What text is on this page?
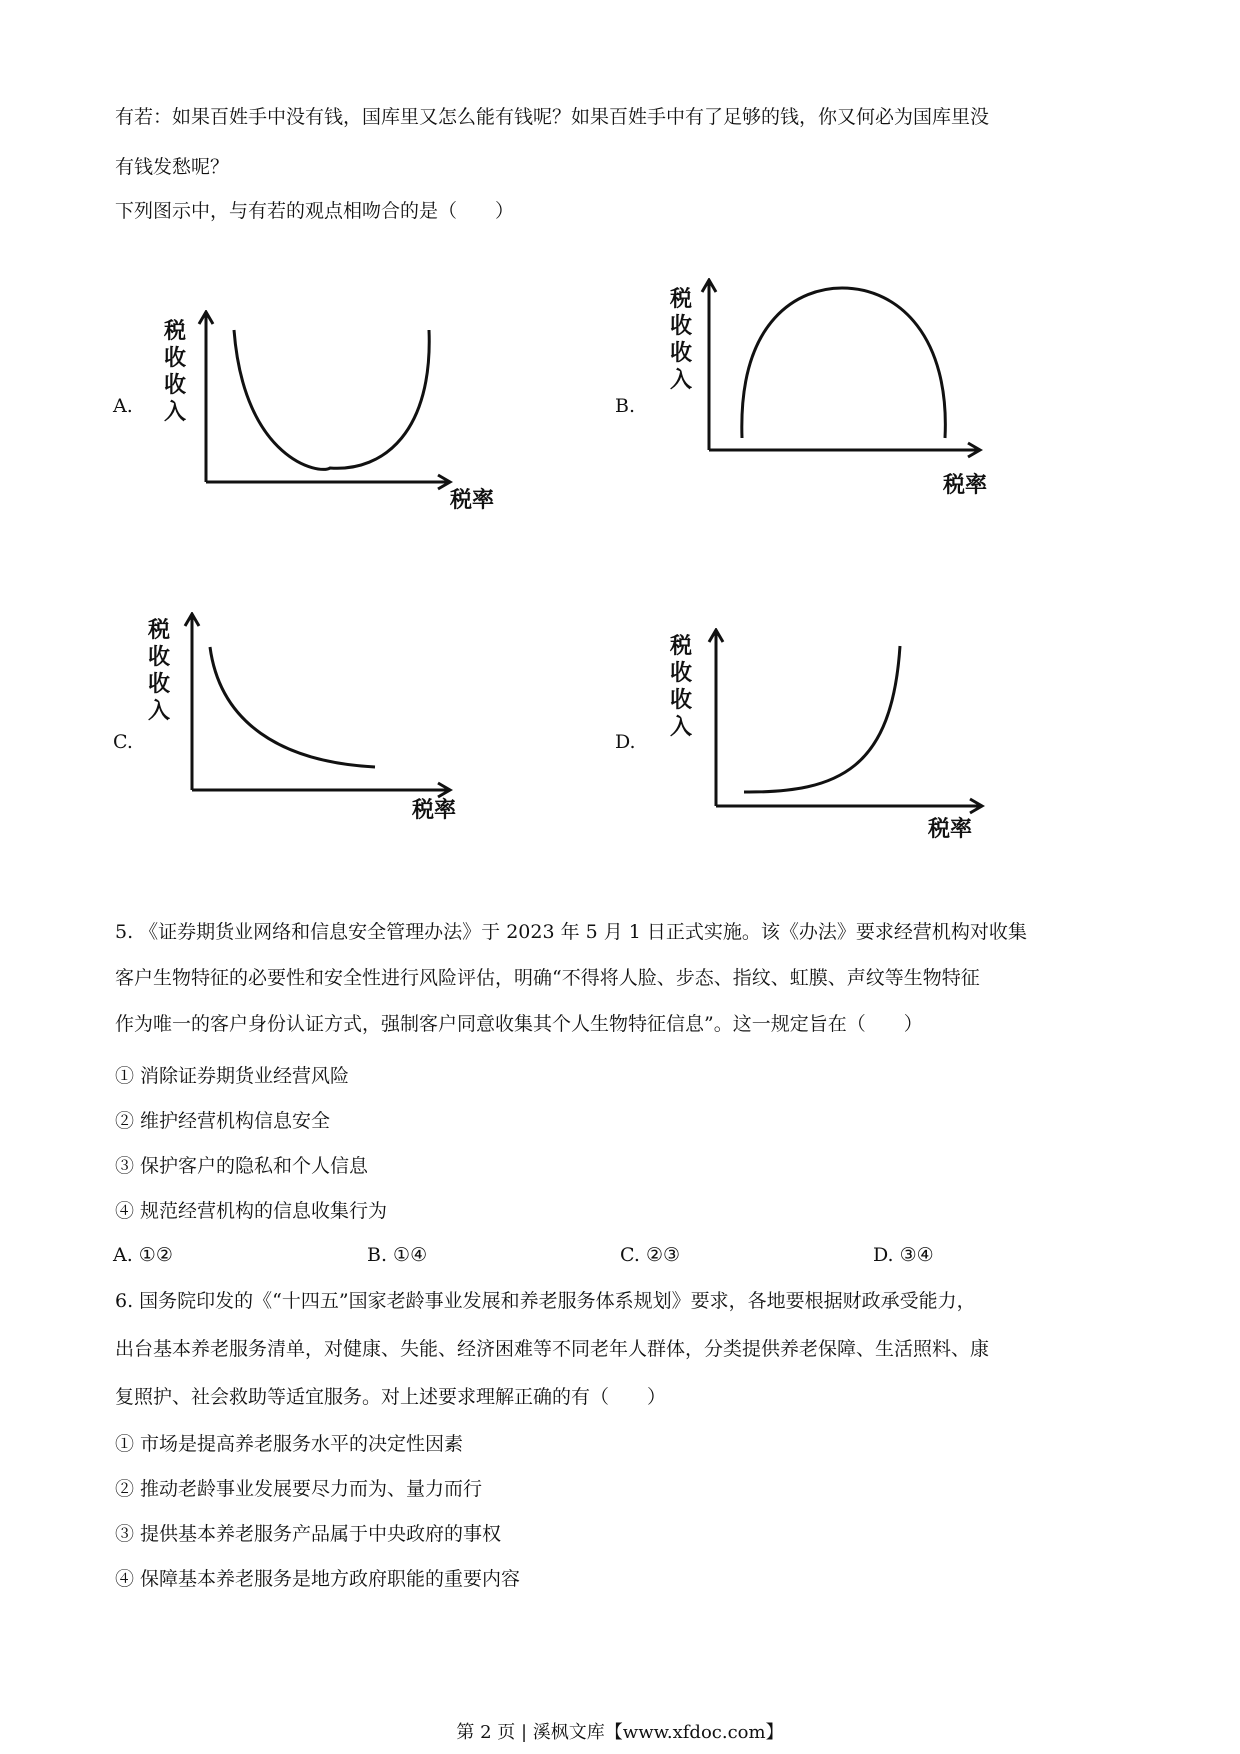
有若：如果百姓手中没有钱，国库里又怎么能有钱呢？如果百姓手中有了足够的钱，你又何必为国库里没
有钱发愁呢？
下列图示中，与有若的观点相吻合的是（　　）
A.
税
收
收
入
税率
B.
税
收
收
入
税率
C.
税
收
收
入
税率
D.
税
收
收
入
税率
5. 《证券期货业网络和信息安全管理办法》于 2023 年 5 月 1 日正式实施。该《办法》要求经营机构对收集
客户生物特征的必要性和安全性进行风险评估，明确“不得将人脸、步态、指纹、虹膜、声纹等生物特征
作为唯一的客户身份认证方式，强制客户同意收集其个人生物特征信息”。这一规定旨在（　　）
① 消除证券期货业经营风险
② 维护经营机构信息安全
③ 保护客户的隐私和个人信息
④ 规范经营机构的信息收集行为
A. ①②	B. ①④	C. ②③	D. ③④
6. 国务院印发的《“十四五”国家老龄事业发展和养老服务体系规划》要求，各地要根据财政承受能力，
出台基本养老服务清单，对健康、失能、经济困难等不同老年人群体，分类提供养老保障、生活照料、康
复照护、社会救助等适宜服务。对上述要求理解正确的有（　　）
① 市场是提高养老服务水平的决定性因素
② 推动老龄事业发展要尽力而为、量力而行
③ 提供基本养老服务产品属于中央政府的事权
④ 保障基本养老服务是地方政府职能的重要内容
第 2 页 | 溪枫文库【www.xfdoc.com】
